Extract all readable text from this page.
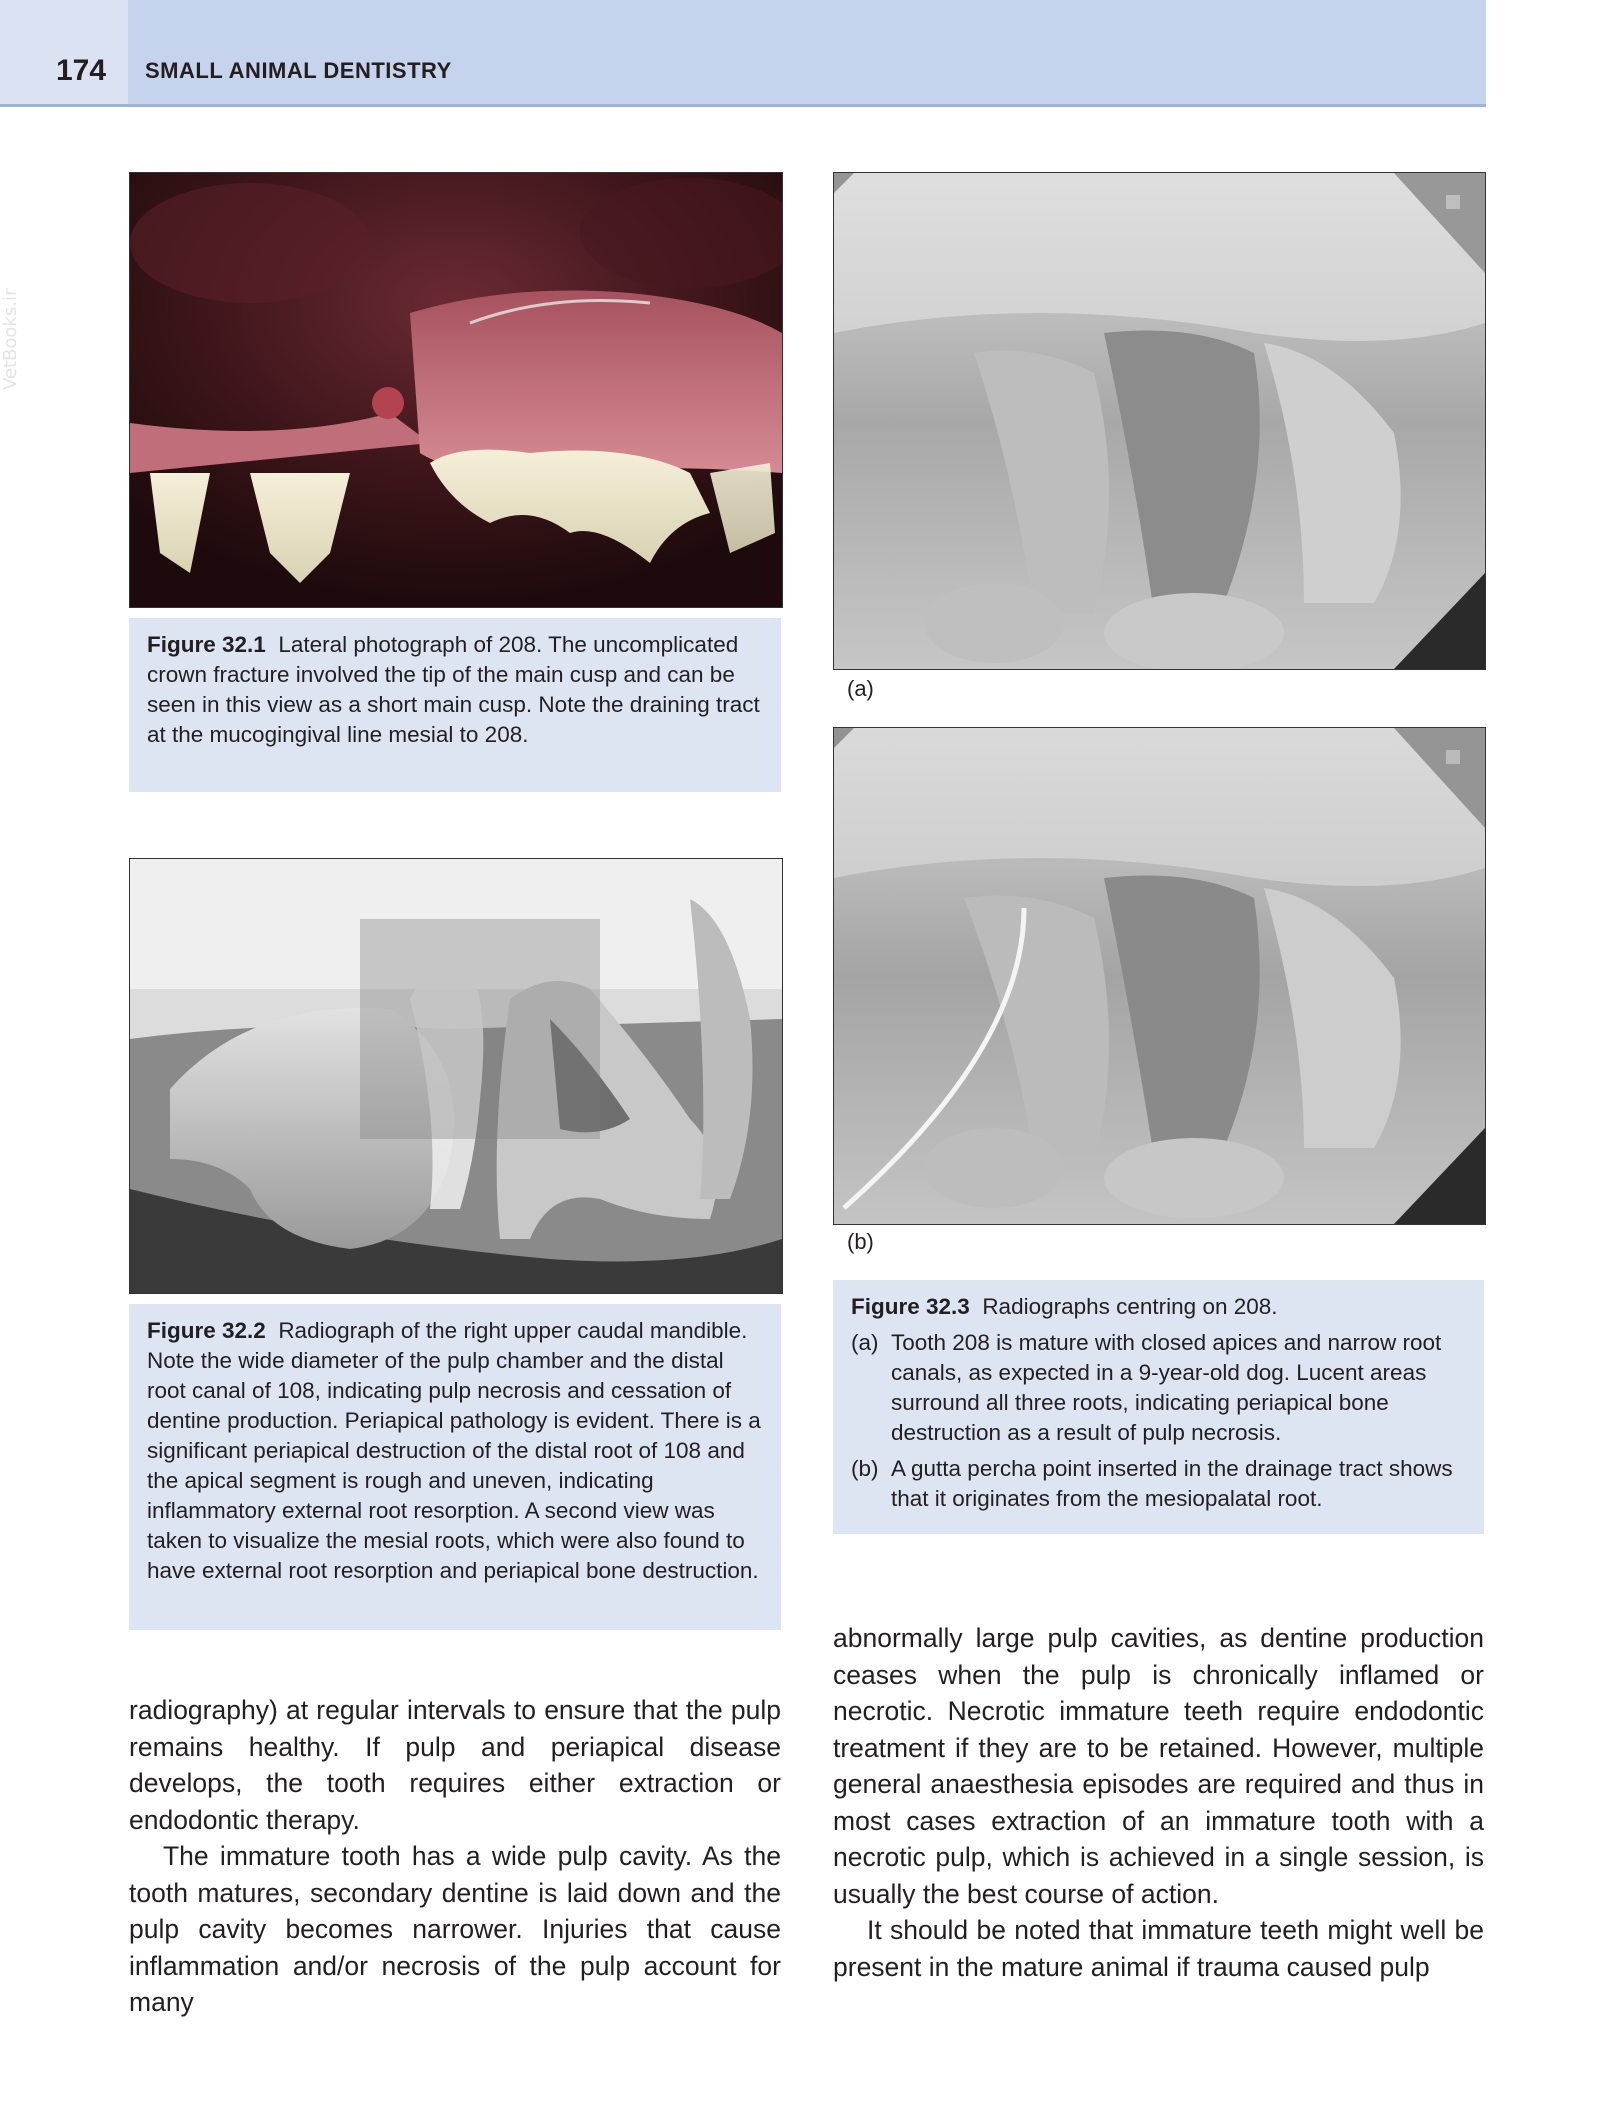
174 SMALL ANIMAL DENTISTRY
VetBooks.ir
Figure 32.1 Lateral photograph of 208. The uncomplicated crown fracture involved the tip of the main cusp and can be seen in this view as a short main cusp. Note the draining tract at the mucogingival line mesial to 208.
Figure 32.2 Radiograph of the right upper caudal mandible. Note the wide diameter of the pulp chamber and the distal root canal of 108, indicating pulp necrosis and cessation of dentine production. Periapical pathology is evident. There is a significant periapical destruction of the distal root of 108 and the apical segment is rough and uneven, indicating inflammatory external root resorption. A second view was taken to visualize the mesial roots, which were also found to have external root resorption and periapical bone destruction.
(a)
(b)
Figure 32.3 Radiographs centring on 208.
(a) Tooth 208 is mature with closed apices and narrow root canals, as expected in a 9-year-old dog. Lucent areas surround all three roots, indicating periapical bone destruction as a result of pulp necrosis.
(b) A gutta percha point inserted in the drainage tract shows that it originates from the mesiopalatal root.

radiography) at regular intervals to ensure that the pulp remains healthy. If pulp and periapical disease develops, the tooth requires either extraction or endodontic therapy.

The immature tooth has a wide pulp cavity. As the tooth matures, secondary dentine is laid down and the pulp cavity becomes narrower. Injuries that cause inflammation and/or necrosis of the pulp account for many

abnormally large pulp cavities, as dentine production ceases when the pulp is chronically inflamed or necrotic. Necrotic immature teeth require endodontic treatment if they are to be retained. However, multiple general anaesthesia episodes are required and thus in most cases extraction of an immature tooth with a necrotic pulp, which is achieved in a single session, is usually the best course of action.

It should be noted that immature teeth might well be present in the mature animal if trauma caused pulp
